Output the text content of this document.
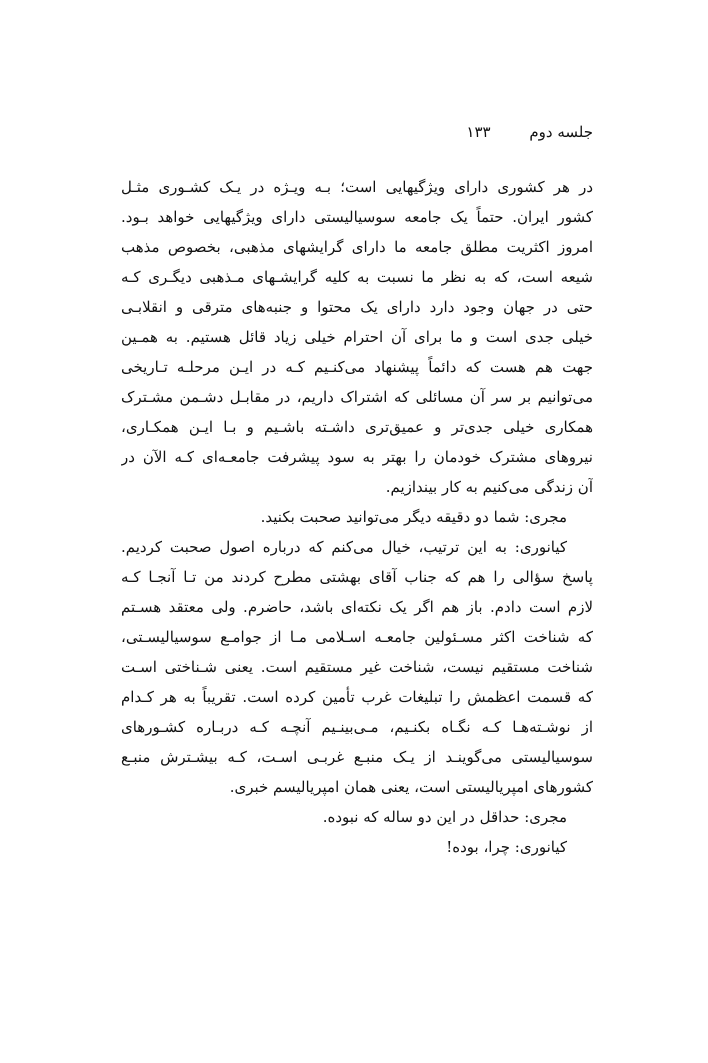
جلسه دوم ۱۳۳
در هر کشوری دارای ویژگیهایی است؛ بـه ویـژه در یـک کشـوری مثـل
کشور ایران. حتماً یک جامعه سوسیالیستی دارای ویژگیهایی خواهد بـود.
امروز اکثریت مطلق جامعه ما دارای گرایشهای مذهبی، بخصوص مذهب
شیعه است، که به نظر ما نسبت به کلیه گرایشـهای مـذهبی دیگـری کـه
حتی در جهان وجود دارد دارای یک محتوا و جنبه‌های مترقی و انقلابـی
خیلی جدی است و ما برای آن احترام خیلی زیاد قائل هستیم. به همـین
جهت هم هست که دائماً پیشنهاد می‌کنـیم کـه در ایـن مرحلـه تـاریخی
می‌توانیم بر سر آن مسائلی که اشتراک داریم، در مقابـل دشـمن مشـترک
همکاری خیلی جدی‌تر و عمیق‌تری داشـته باشـیم و بـا ایـن همکـاری،
نیروهای مشترک خودمان را بهتر به سود پیشرفت جامعـه‌ای کـه الآن در
آن زندگی می‌کنیم به کار بیندازیم.
مجری: شما دو دقیقه دیگر می‌توانید صحبت بکنید.
کیانوری: به این ترتیب، خیال می‌کنم که درباره اصول صحبت کردیم.
پاسخ سؤالی را هم که جناب آقای بهشتی مطرح کردند من تـا آنجـا کـه
لازم است دادم. باز هم اگر یک نکته‌ای باشد، حاضرم. ولی معتقد هسـتم
که شناخت اکثر مسـئولین جامعـه اسـلامی مـا از جوامـع سوسیالیسـتی،
شناخت مستقیم نیست، شناخت غیر مستقیم است. یعنی شـناختی اسـت
که قسمت اعظمش را تبلیغات غرب تأمین کرده است. تقریباً به هر کـدام
از نوشـته‌هـا کـه نگـاه بکنـیم، مـی‌بینـیم آنچـه کـه دربـاره کشـورهای
سوسیالیستی می‌گوینـد از یـک منبـع غربـی اسـت، کـه بیشـترش منبـع
کشورهای امپریالیستی است، یعنی همان امپریالیسم خبری.
مجری: حداقل در این دو ساله که نبوده.
کیانوری: چرا، بوده!
